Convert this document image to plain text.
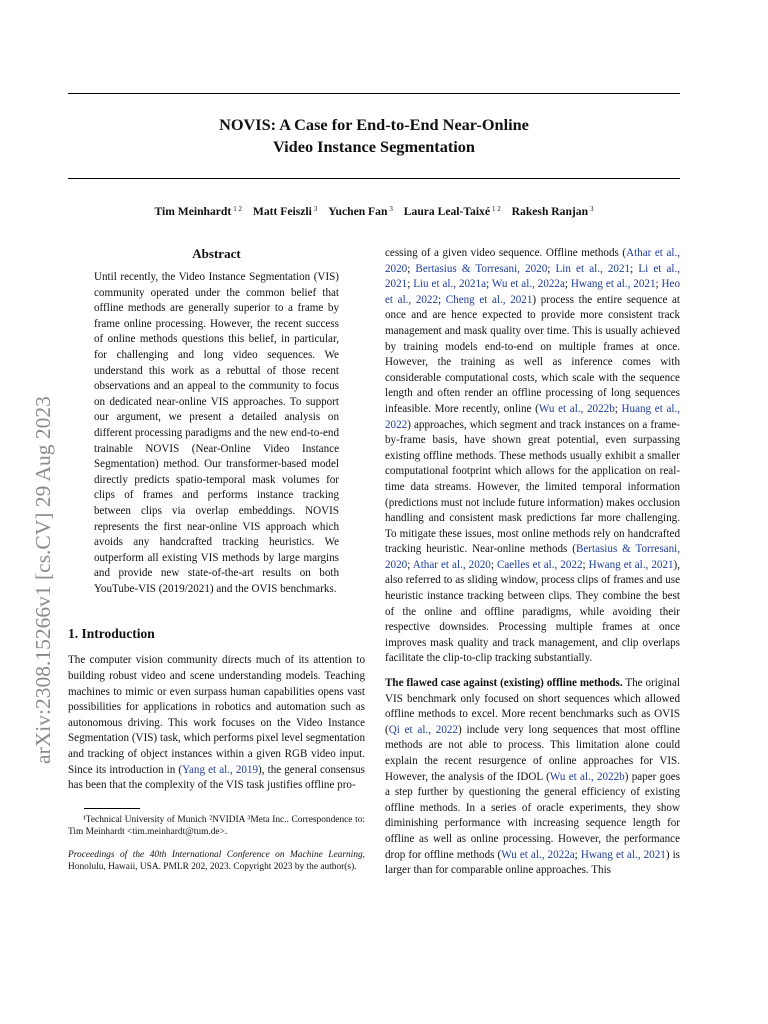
arXiv:2308.15266v1 [cs.CV] 29 Aug 2023
NOVIS: A Case for End-to-End Near-Online
Video Instance Segmentation
Tim Meinhardt $^{1 2}$ Matt Feiszli $^3$ Yuchen Fan $^3$ Laura Leal-Taixé $^{1 2}$ Rakesh Ranjan $^3$
Abstract

Until recently, the Video Instance Segmentation (VIS) community operated under the common belief that offline methods are generally superior to a frame by frame online processing. However, the recent success of online methods questions this belief, in particular, for challenging and long video sequences. We understand this work as a rebuttal of those recent observations and an appeal to the community to focus on dedicated near-online VIS approaches. To support our argument, we present a detailed analysis on different processing paradigms and the new end-to-end trainable NOVIS (Near-Online Video Instance Segmentation) method. Our transformer-based model directly predicts spatio-temporal mask volumes for clips of frames and performs instance tracking between clips via overlap embeddings. NOVIS represents the first near-online VIS approach which avoids any handcrafted tracking heuristics. We outperform all existing VIS methods by large margins and provide new state-of-the-art results on both YouTube-VIS (2019/2021) and the OVIS benchmarks.

1. Introduction

The computer vision community directs much of its attention to building robust video and scene understanding models. Teaching machines to mimic or even surpass human capabilities opens vast possibilities for applications in robotics and automation such as autonomous driving. This work focuses on the Video Instance Segmentation (VIS) task, which performs pixel level segmentation and tracking of object instances within a given RGB video input. Since its introduction in (Yang et al., 2019), the general consensus has been that the complexity of the VIS task justifies offline pro-

¹Technical University of Munich ²NVIDIA ³Meta Inc.. Correspondence to: Tim Meinhardt <tim.meinhardt@tum.de>.

Proceedings of the 40th International Conference on Machine Learning, Honolulu, Hawaii, USA. PMLR 202, 2023. Copyright 2023 by the author(s).

cessing of a given video sequence. Offline methods (Athar et al., 2020; Bertasius & Torresani, 2020; Lin et al., 2021; Li et al., 2021; Liu et al., 2021a; Wu et al., 2022a; Hwang et al., 2021; Heo et al., 2022; Cheng et al., 2021) process the entire sequence at once and are hence expected to provide more consistent track management and mask quality over time. This is usually achieved by training models end-to-end on multiple frames at once. However, the training as well as inference comes with considerable computational costs, which scale with the sequence length and often render an offline processing of long sequences infeasible. More recently, online (Wu et al., 2022b; Huang et al., 2022) approaches, which segment and track instances on a frame-by-frame basis, have shown great potential, even surpassing existing offline methods. These methods usually exhibit a smaller computational footprint which allows for the application on real-time data streams. However, the limited temporal information (predictions must not include future information) makes occlusion handling and consistent mask predictions far more challenging. To mitigate these issues, most online methods rely on handcrafted tracking heuristic. Near-online methods (Bertasius & Torresani, 2020; Athar et al., 2020; Caelles et al., 2022; Hwang et al., 2021), also referred to as sliding window, process clips of frames and use heuristic instance tracking between clips. They combine the best of the online and offline paradigms, while avoiding their respective downsides. Processing multiple frames at once improves mask quality and track management, and clip overlaps facilitate the clip-to-clip tracking substantially.

The flawed case against (existing) offline methods. The original VIS benchmark only focused on short sequences which allowed offline methods to excel. More recent benchmarks such as OVIS (Qi et al., 2022) include very long sequences that most offline methods are not able to process. This limitation alone could explain the recent resurgence of online approaches for VIS. However, the analysis of the IDOL (Wu et al., 2022b) paper goes a step further by questioning the general efficiency of existing offline methods. In a series of oracle experiments, they show diminishing performance with increasing sequence length for offline as well as online processing. However, the performance drop for offline methods (Wu et al., 2022a; Hwang et al., 2021) is larger than for comparable online approaches. This
